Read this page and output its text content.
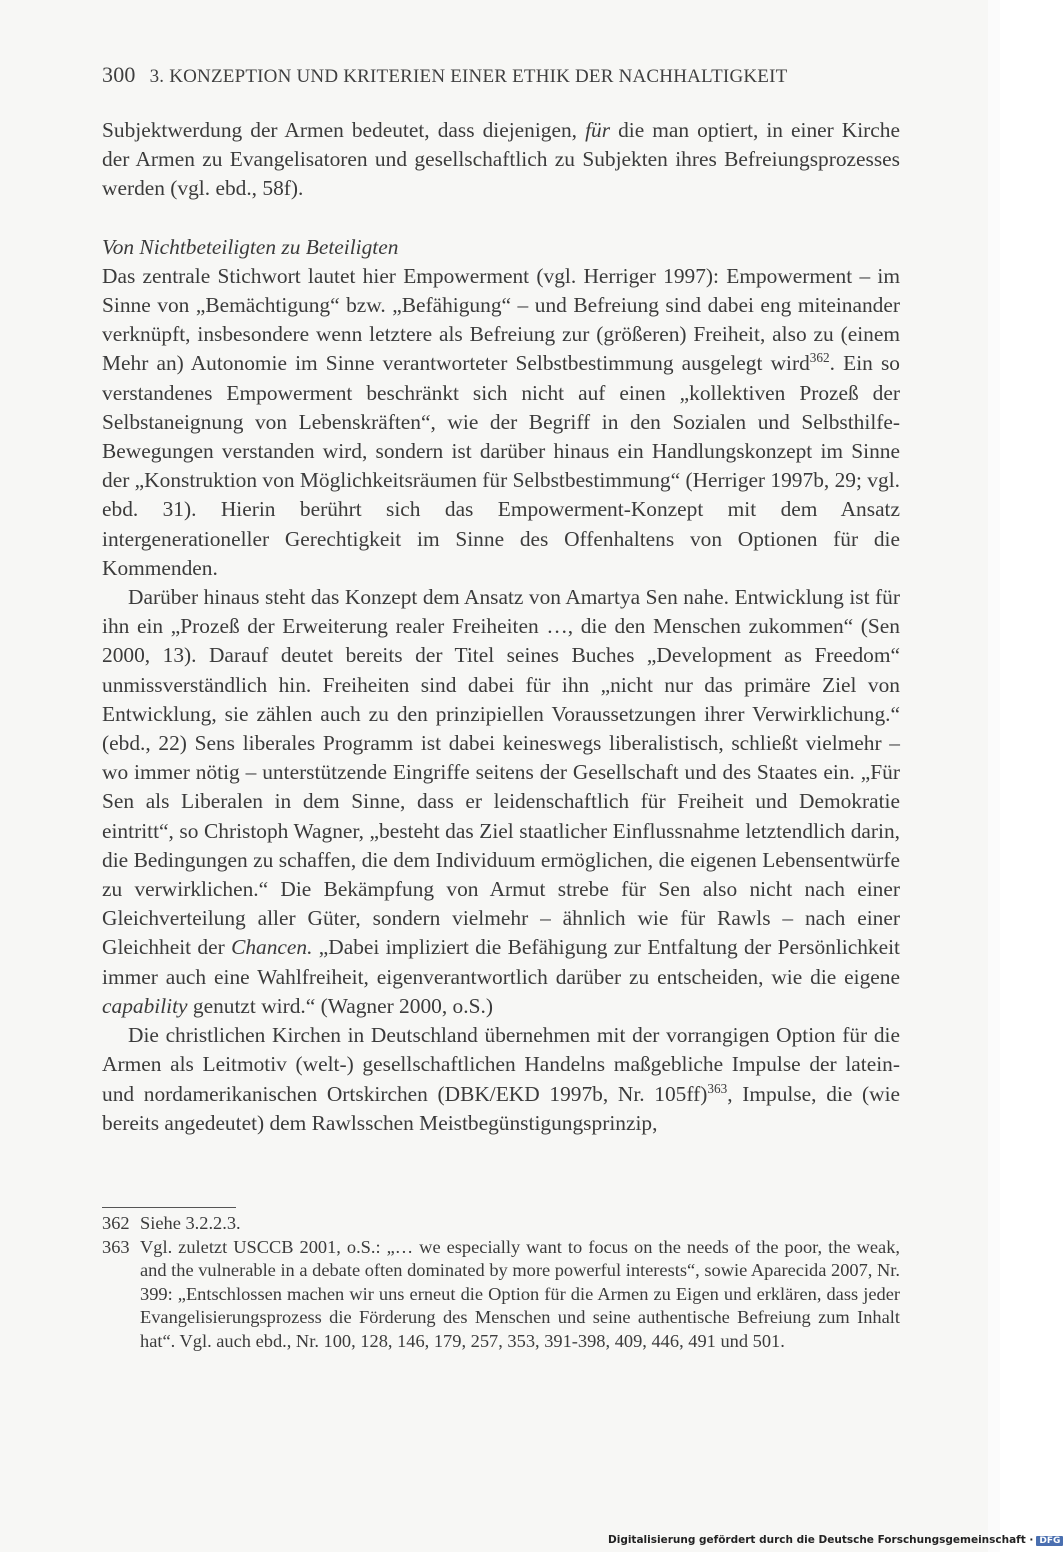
300 3. KONZEPTION UND KRITERIEN EINER ETHIK DER NACHHALTIGKEIT

Subjektwerdung der Armen bedeutet, dass diejenigen, für die man optiert, in einer Kirche der Armen zu Evangelisatoren und gesellschaftlich zu Subjekten ihres Befreiungsprozesses werden (vgl. ebd., 58f).

Von Nichtbeteiligten zu Beteiligten

Das zentrale Stichwort lautet hier Empowerment (vgl. Herriger 1997): Empowerment – im Sinne von „Bemächtigung“ bzw. „Befähigung“ – und Befreiung sind dabei eng miteinander verknüpft, insbesondere wenn letztere als Befreiung zur (größeren) Freiheit, also zu (einem Mehr an) Autonomie im Sinne verantworteter Selbstbestimmung ausgelegt wird$^{362}$. Ein so verstandenes Empowerment beschränkt sich nicht auf einen „kollektiven Prozeß der Selbstaneignung von Lebenskräften“, wie der Begriff in den Sozialen und Selbsthilfe-Bewegungen verstanden wird, sondern ist darüber hinaus ein Handlungskonzept im Sinne der „Konstruktion von Möglichkeitsräumen für Selbstbestimmung“ (Herriger 1997b, 29; vgl. ebd. 31). Hierin berührt sich das Empowerment-Konzept mit dem Ansatz intergenerationeller Gerechtigkeit im Sinne des Offenhaltens von Optionen für die Kommenden.

Darüber hinaus steht das Konzept dem Ansatz von Amartya Sen nahe. Entwicklung ist für ihn ein „Prozeß der Erweiterung realer Freiheiten …, die den Menschen zukommen“ (Sen 2000, 13). Darauf deutet bereits der Titel seines Buches „Development as Freedom“ unmissverständlich hin. Freiheiten sind dabei für ihn „nicht nur das primäre Ziel von Entwicklung, sie zählen auch zu den prinzipiellen Voraussetzungen ihrer Verwirklichung.“ (ebd., 22) Sens liberales Programm ist dabei keineswegs liberalistisch, schließt vielmehr – wo immer nötig – unterstützende Eingriffe seitens der Gesellschaft und des Staates ein. „Für Sen als Liberalen in dem Sinne, dass er leidenschaftlich für Freiheit und Demokratie eintritt“, so Christoph Wagner, „besteht das Ziel staatlicher Einflussnahme letztendlich darin, die Bedingungen zu schaffen, die dem Individuum ermöglichen, die eigenen Lebensentwürfe zu verwirklichen.“ Die Bekämpfung von Armut strebe für Sen also nicht nach einer Gleichverteilung aller Güter, sondern vielmehr – ähnlich wie für Rawls – nach einer Gleichheit der Chancen. „Dabei impliziert die Befähigung zur Entfaltung der Persönlichkeit immer auch eine Wahlfreiheit, eigenverantwortlich darüber zu entscheiden, wie die eigene capability genutzt wird.“ (Wagner 2000, o.S.)

Die christlichen Kirchen in Deutschland übernehmen mit der vorrangigen Option für die Armen als Leitmotiv (welt-) gesellschaftlichen Handelns maßgebliche Impulse der latein- und nordamerikanischen Ortskirchen (DBK/EKD 1997b, Nr. 105ff)$^{363}$, Impulse, die (wie bereits angedeutet) dem Rawlsschen Meistbegünstigungsprinzip,

362 Siehe 3.2.2.3.
363 Vgl. zuletzt USCCB 2001, o.S.: „… we especially want to focus on the needs of the poor, the weak, and the vulnerable in a debate often dominated by more powerful interests“, sowie Aparecida 2007, Nr. 399: „Entschlossen machen wir uns erneut die Option für die Armen zu Eigen und erklären, dass jeder Evangelisierungsprozess die Förderung des Menschen und seine authentische Befreiung zum Inhalt hat“. Vgl. auch ebd., Nr. 100, 128, 146, 179, 257, 353, 391-398, 409, 446, 491 und 501.
Digitalisierung gefördert durch die Deutsche Forschungsgemeinschaft · DFG
